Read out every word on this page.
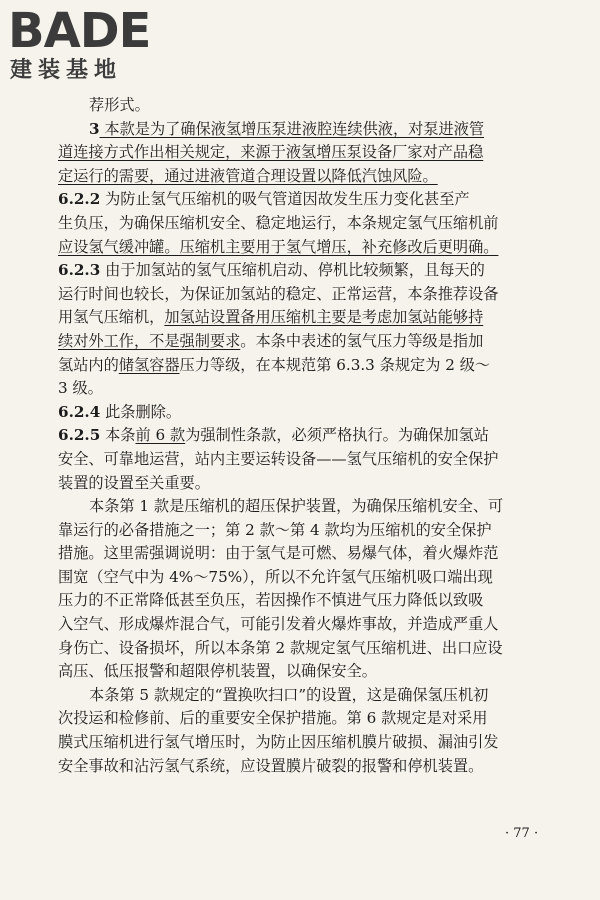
BADE
建装基地
荐形式。
3 本款是为了确保液氢增压泵进液腔连续供液，对泵进液管
道连接方式作出相关规定，来源于液氢增压泵设备厂家对产品稳
定运行的需要，通过进液管道合理设置以降低汽蚀风险。
6.2.2 为防止氢气压缩机的吸气管道因故发生压力变化甚至产
生负压，为确保压缩机安全、稳定地运行，本条规定氢气压缩机前
应设氢气缓冲罐。压缩机主要用于氢气增压，补充修改后更明确。
6.2.3 由于加氢站的氢气压缩机启动、停机比较频繁，且每天的
运行时间也较长，为保证加氢站的稳定、正常运营，本条推荐设备
用氢气压缩机，加氢站设置备用压缩机主要是考虑加氢站能够持
续对外工作，不是强制要求。本条中表述的氢气压力等级是指加
氢站内的储氢容器压力等级，在本规范第 6.3.3 条规定为 2 级～
3 级。
6.2.4 此条删除。
6.2.5 本条前 6 款为强制性条款，必须严格执行。为确保加氢站
安全、可靠地运营，站内主要运转设备——氢气压缩机的安全保护
装置的设置至关重要。
本条第 1 款是压缩机的超压保护装置，为确保压缩机安全、可
靠运行的必备措施之一；第 2 款～第 4 款均为压缩机的安全保护
措施。这里需强调说明：由于氢气是可燃、易爆气体，着火爆炸范
围宽（空气中为 4%～75%），所以不允许氢气压缩机吸口端出现
压力的不正常降低甚至负压，若因操作不慎进气压力降低以致吸
入空气、形成爆炸混合气，可能引发着火爆炸事故，并造成严重人
身伤亡、设备损坏，所以本条第 2 款规定氢气压缩机进、出口应设
高压、低压报警和超限停机装置，以确保安全。
本条第 5 款规定的“置换吹扫口”的设置，这是确保氢压机初
次投运和检修前、后的重要安全保护措施。第 6 款规定是对采用
膜式压缩机进行氢气增压时，为防止因压缩机膜片破损、漏油引发
安全事故和沾污氢气系统，应设置膜片破裂的报警和停机装置。
· 77 ·
